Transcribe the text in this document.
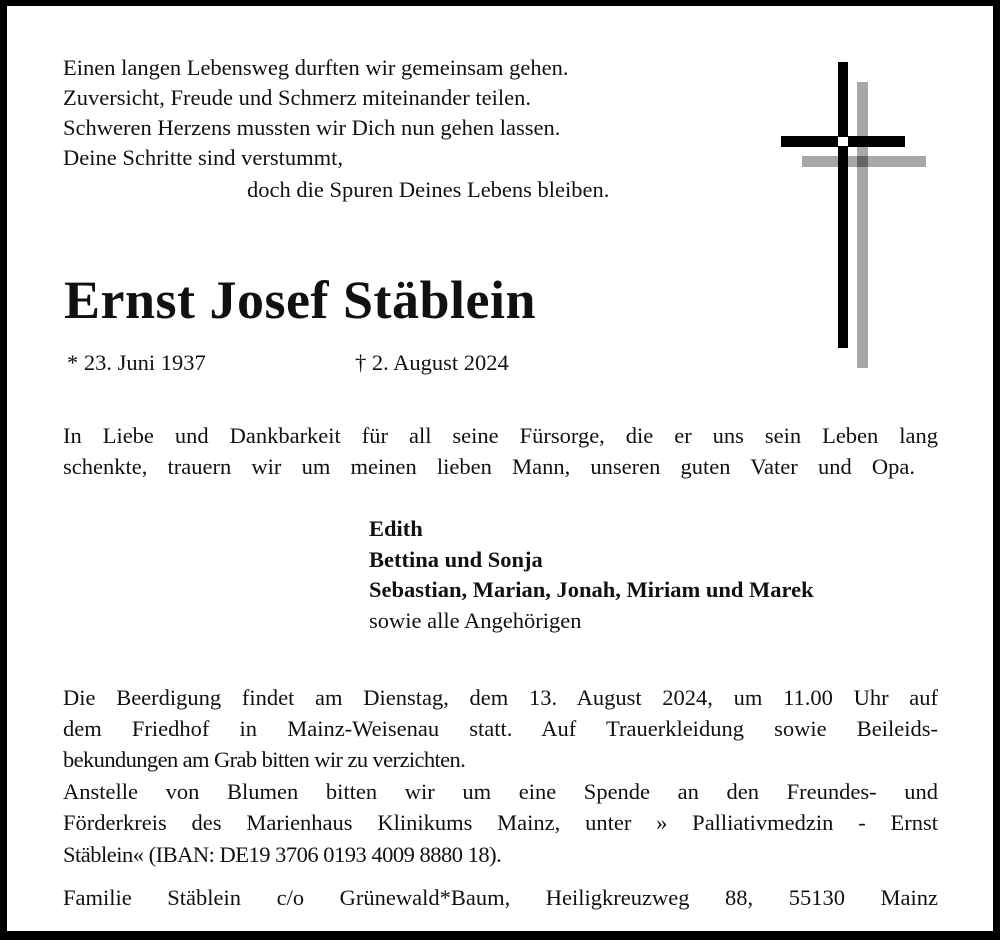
Einen langen Lebensweg durften wir gemeinsam gehen.
Zuversicht, Freude und Schmerz miteinander teilen.
Schweren Herzens mussten wir Dich nun gehen lassen.
Deine Schritte sind verstummt,
doch die Spuren Deines Lebens bleiben.
Ernst Josef Stäblein
* 23. Juni 1937	† 2. August 2024
In Liebe und Dankbarkeit für all seine Fürsorge, die er uns sein Leben lang
schenkte, trauern wir um meinen lieben Mann, unseren guten Vater und Opa.
Edith
Bettina und Sonja
Sebastian, Marian, Jonah, Miriam und Marek
sowie alle Angehörigen
Die Beerdigung findet am Dienstag, dem 13. August 2024, um 11.00 Uhr auf
dem Friedhof in Mainz-Weisenau statt. Auf Trauerkleidung sowie Beileids-
bekundungen am Grab bitten wir zu verzichten.
Anstelle von Blumen bitten wir um eine Spende an den Freundes- und
Förderkreis des Marienhaus Klinikums Mainz, unter » Palliativmedzin - Ernst
Stäblein« (IBAN: DE19 3706 0193 4009 8880 18).
Familie Stäblein c/o Grünewald*Baum, Heiligkreuzweg 88, 55130 Mainz
